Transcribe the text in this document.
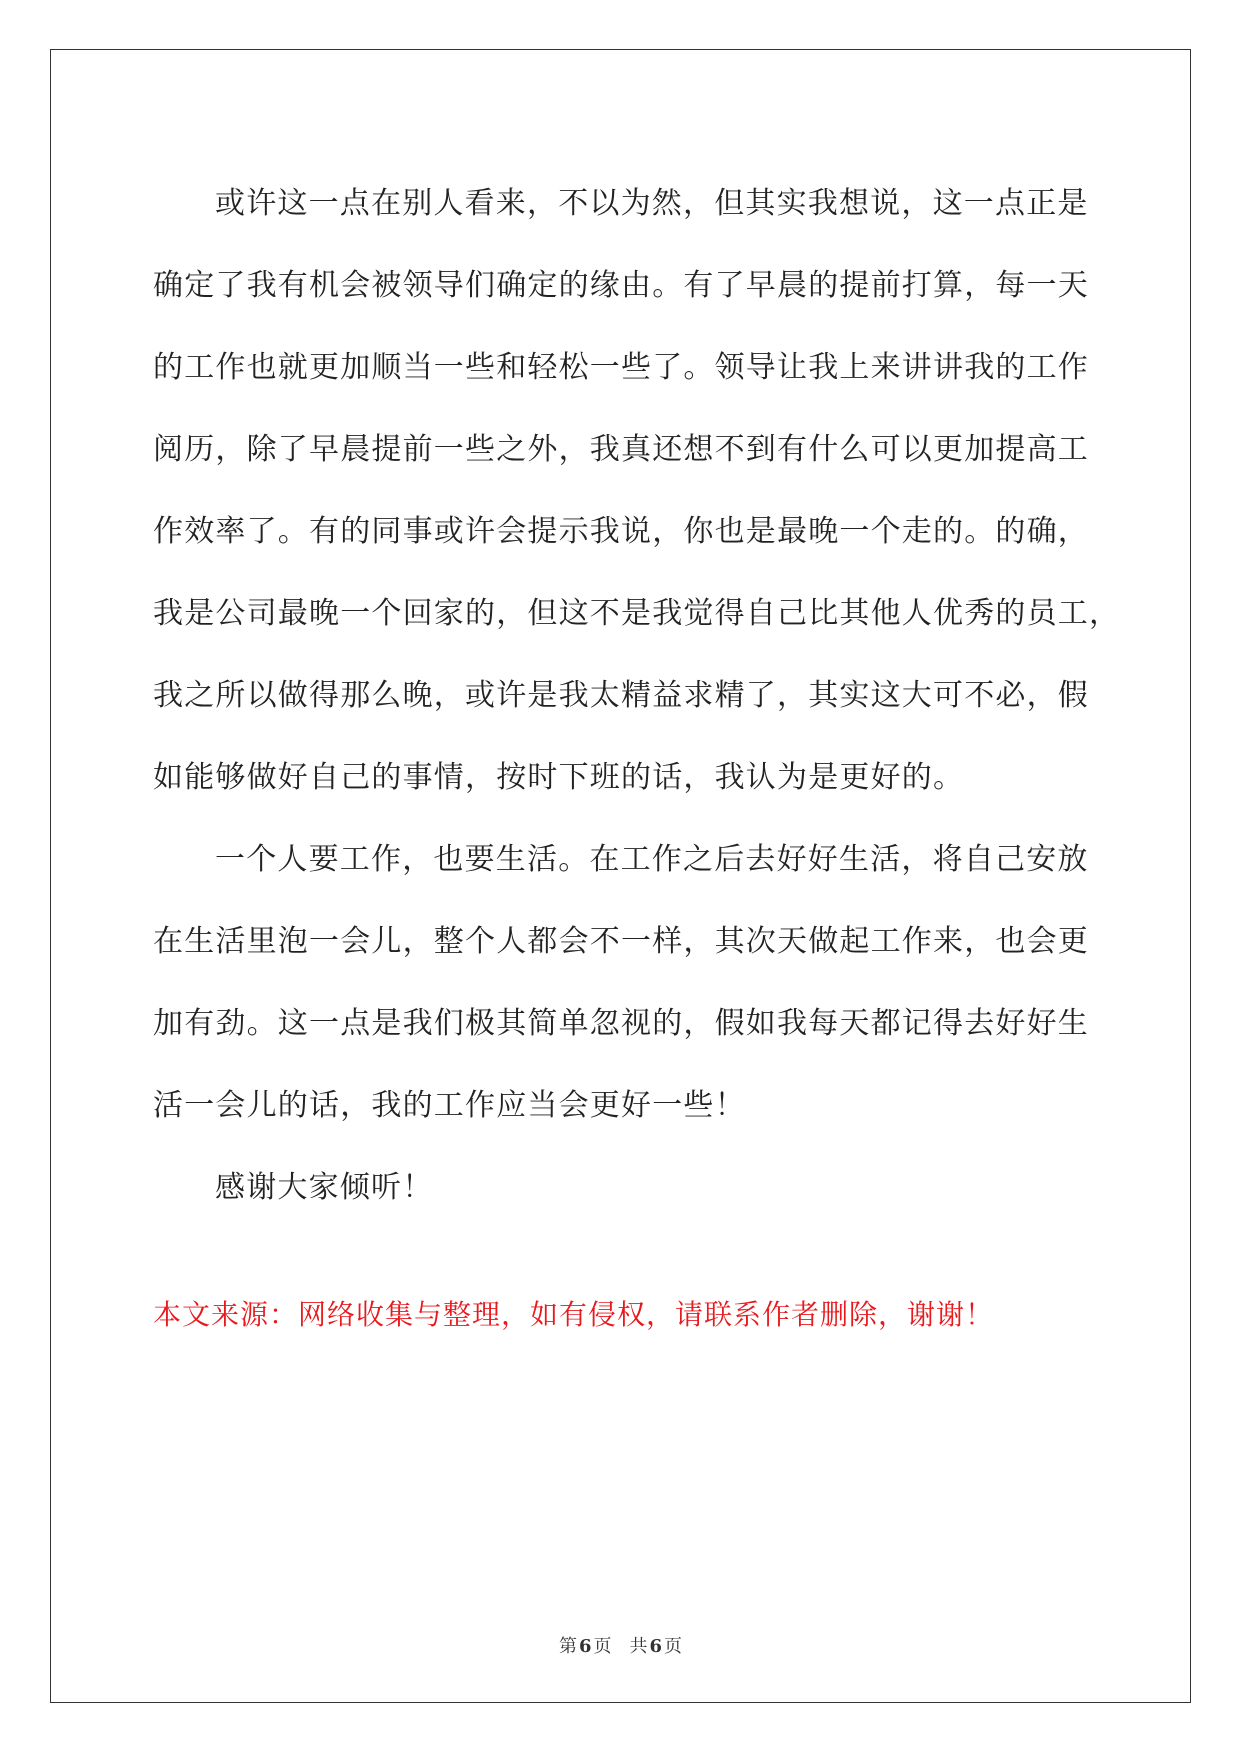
或许这一点在别人看来，不以为然，但其实我想说，这一点正是
确定了我有机会被领导们确定的缘由。有了早晨的提前打算，每一天
的工作也就更加顺当一些和轻松一些了。领导让我上来讲讲我的工作
阅历，除了早晨提前一些之外，我真还想不到有什么可以更加提高工
作效率了。有的同事或许会提示我说，你也是最晚一个走的。的确，
我是公司最晚一个回家的，但这不是我觉得自己比其他人优秀的员工，
我之所以做得那么晚，或许是我太精益求精了，其实这大可不必，假
如能够做好自己的事情，按时下班的话，我认为是更好的。

一个人要工作，也要生活。在工作之后去好好生活，将自己安放
在生活里泡一会儿，整个人都会不一样，其次天做起工作来，也会更
加有劲。这一点是我们极其简单忽视的，假如我每天都记得去好好生
活一会儿的话，我的工作应当会更好一些！

感谢大家倾听！

本文来源：网络收集与整理，如有侵权，请联系作者删除，谢谢！
第 6 页 共 6 页
